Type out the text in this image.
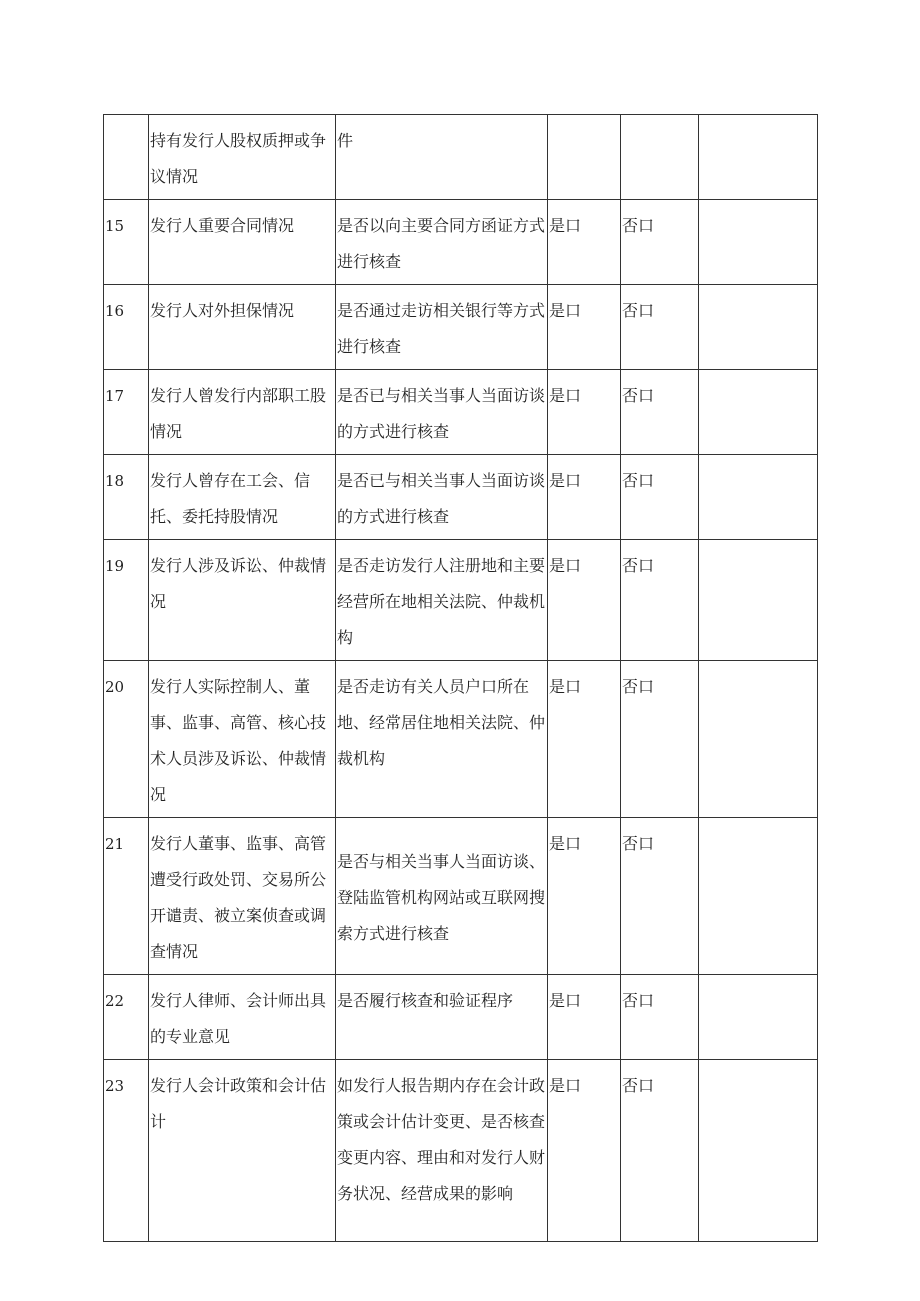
	持有发行人股权质押或争议情况	件			
15	发行人重要合同情况	是否以向主要合同方函证方式进行核查	是口	否口	
16	发行人对外担保情况	是否通过走访相关银行等方式进行核查	是口	否口	
17	发行人曾发行内部职工股情况	是否已与相关当事人当面访谈的方式进行核查	是口	否口	
18	发行人曾存在工会、信托、委托持股情况	是否已与相关当事人当面访谈的方式进行核查	是口	否口	
19	发行人涉及诉讼、仲裁情况	是否走访发行人注册地和主要经营所在地相关法院、仲裁机构	是口	否口	
20	发行人实际控制人、董事、监事、高管、核心技术人员涉及诉讼、仲裁情况	是否走访有关人员户口所在地、经常居住地相关法院、仲裁机构	是口	否口	
21	发行人董事、监事、高管遭受行政处罚、交易所公开谴责、被立案侦查或调查情况	是否与相关当事人当面访谈、登陆监管机构网站或互联网搜索方式进行核查	是口	否口	
22	发行人律师、会计师出具的专业意见	是否履行核查和验证程序	是口	否口	
23	发行人会计政策和会计估计	如发行人报告期内存在会计政策或会计估计变更、是否核查变更内容、理由和对发行人财务状况、经营成果的影响	是口	否口	
